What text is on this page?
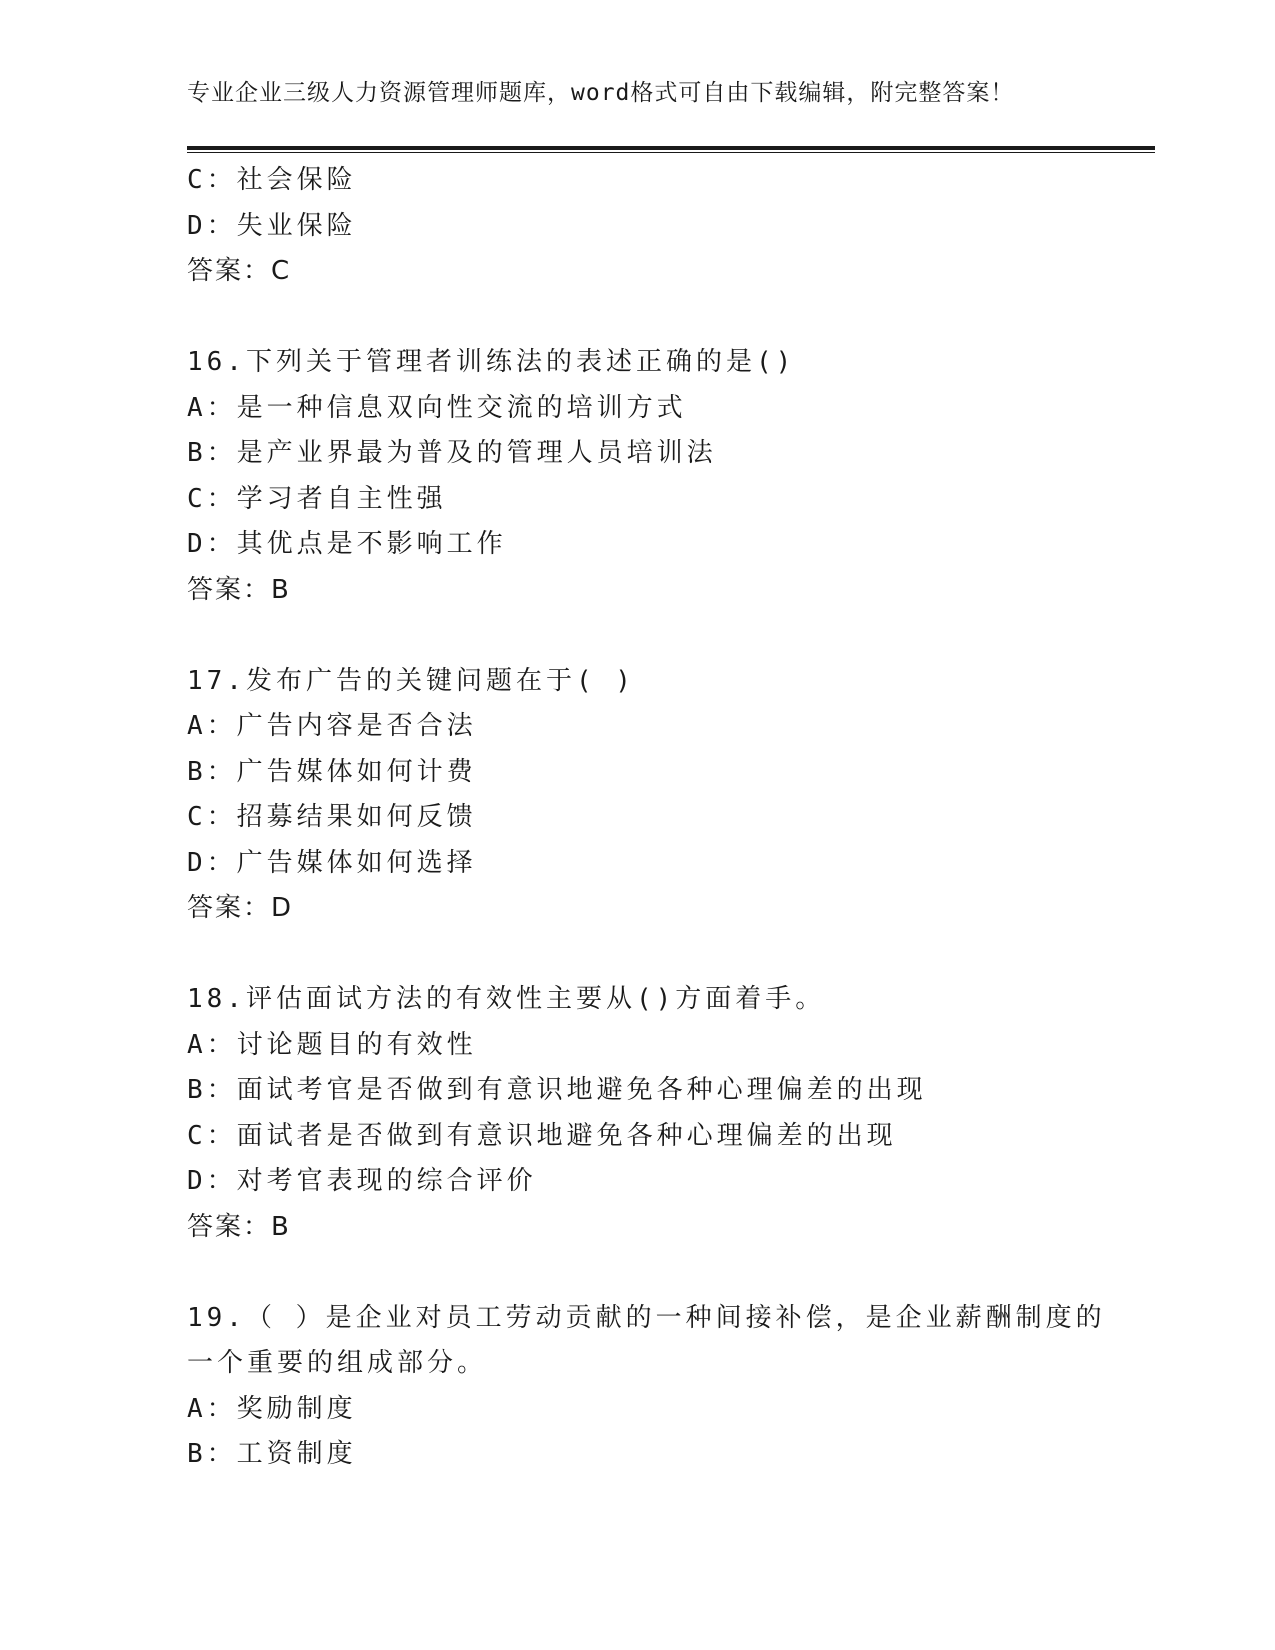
专业企业三级人力资源管理师题库，word格式可自由下载编辑，附完整答案！
C：社会保险
D：失业保险
答案：C
16.下列关于管理者训练法的表述正确的是()
A：是一种信息双向性交流的培训方式
B：是产业界最为普及的管理人员培训法
C：学习者自主性强
D：其优点是不影响工作
答案：B
17.发布广告的关键问题在于( )
A：广告内容是否合法
B：广告媒体如何计费
C：招募结果如何反馈
D：广告媒体如何选择
答案：D
18.评估面试方法的有效性主要从()方面着手。
A：讨论题目的有效性
B：面试考官是否做到有意识地避免各种心理偏差的出现
C：面试者是否做到有意识地避免各种心理偏差的出现
D：对考官表现的综合评价
答案：B
19.（ ）是企业对员工劳动贡献的一种间接补偿，是企业薪酬制度的
一个重要的组成部分。
A：奖励制度
B：工资制度
